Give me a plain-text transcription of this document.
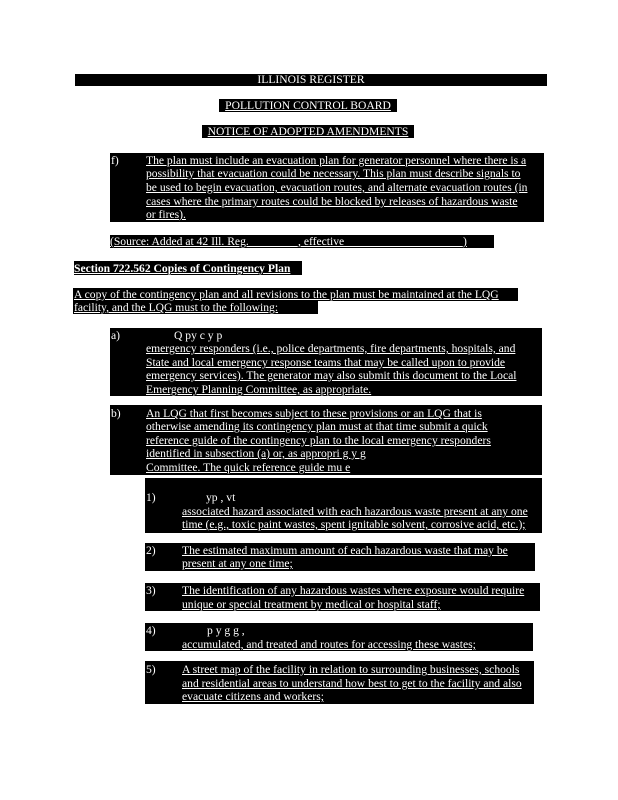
ILLINOIS REGISTER
POLLUTION CONTROL BOARD
NOTICE OF ADOPTED AMENDMENTS
f) The plan must include an evacuation plan for generator personnel where there is a
possibility that evacuation could be necessary. This plan must describe signals to
be used to begin evacuation, evacuation routes, and alternate evacuation routes (in
cases where the primary routes could be blocked by releases of hazardous waste
or fires).
(Source: Added at 42 Ill. Reg. ________, effective ____________________)
Section 722.562 Copies of Contingency Plan
A copy of the contingency plan and all revisions to the plan must be maintained at the LQG
facility, and the LQG must to the following:
a)	Q py c y p
emergency responders (i.e., police departments, fire departments, hospitals, and
State and local emergency response teams that may be called upon to provide
emergency services). The generator may also submit this document to the Local
Emergency Planning Committee, as appropriate.
b) An LQG that first becomes subject to these provisions or an LQG that is
otherwise amending its contingency plan must at that time submit a quick
reference guide of the contingency plan to the local emergency responders
identified in subsection (a) or, as appropri g y g
Committee. The quick reference guide mu e
1)	yp , vt
associated hazard associated with each hazardous waste present at any one
time (e.g., toxic paint wastes, spent ignitable solvent, corrosive acid, etc.);
2) The estimated maximum amount of each hazardous waste that may be
present at any one time;
3) The identification of any hazardous wastes where exposure would require
unique or special treatment by medical or hospital staff;
4)	p y g g ,
accumulated, and treated and routes for accessing these wastes;
5) A street map of the facility in relation to surrounding businesses, schools
and residential areas to understand how best to get to the facility and also
evacuate citizens and workers;
